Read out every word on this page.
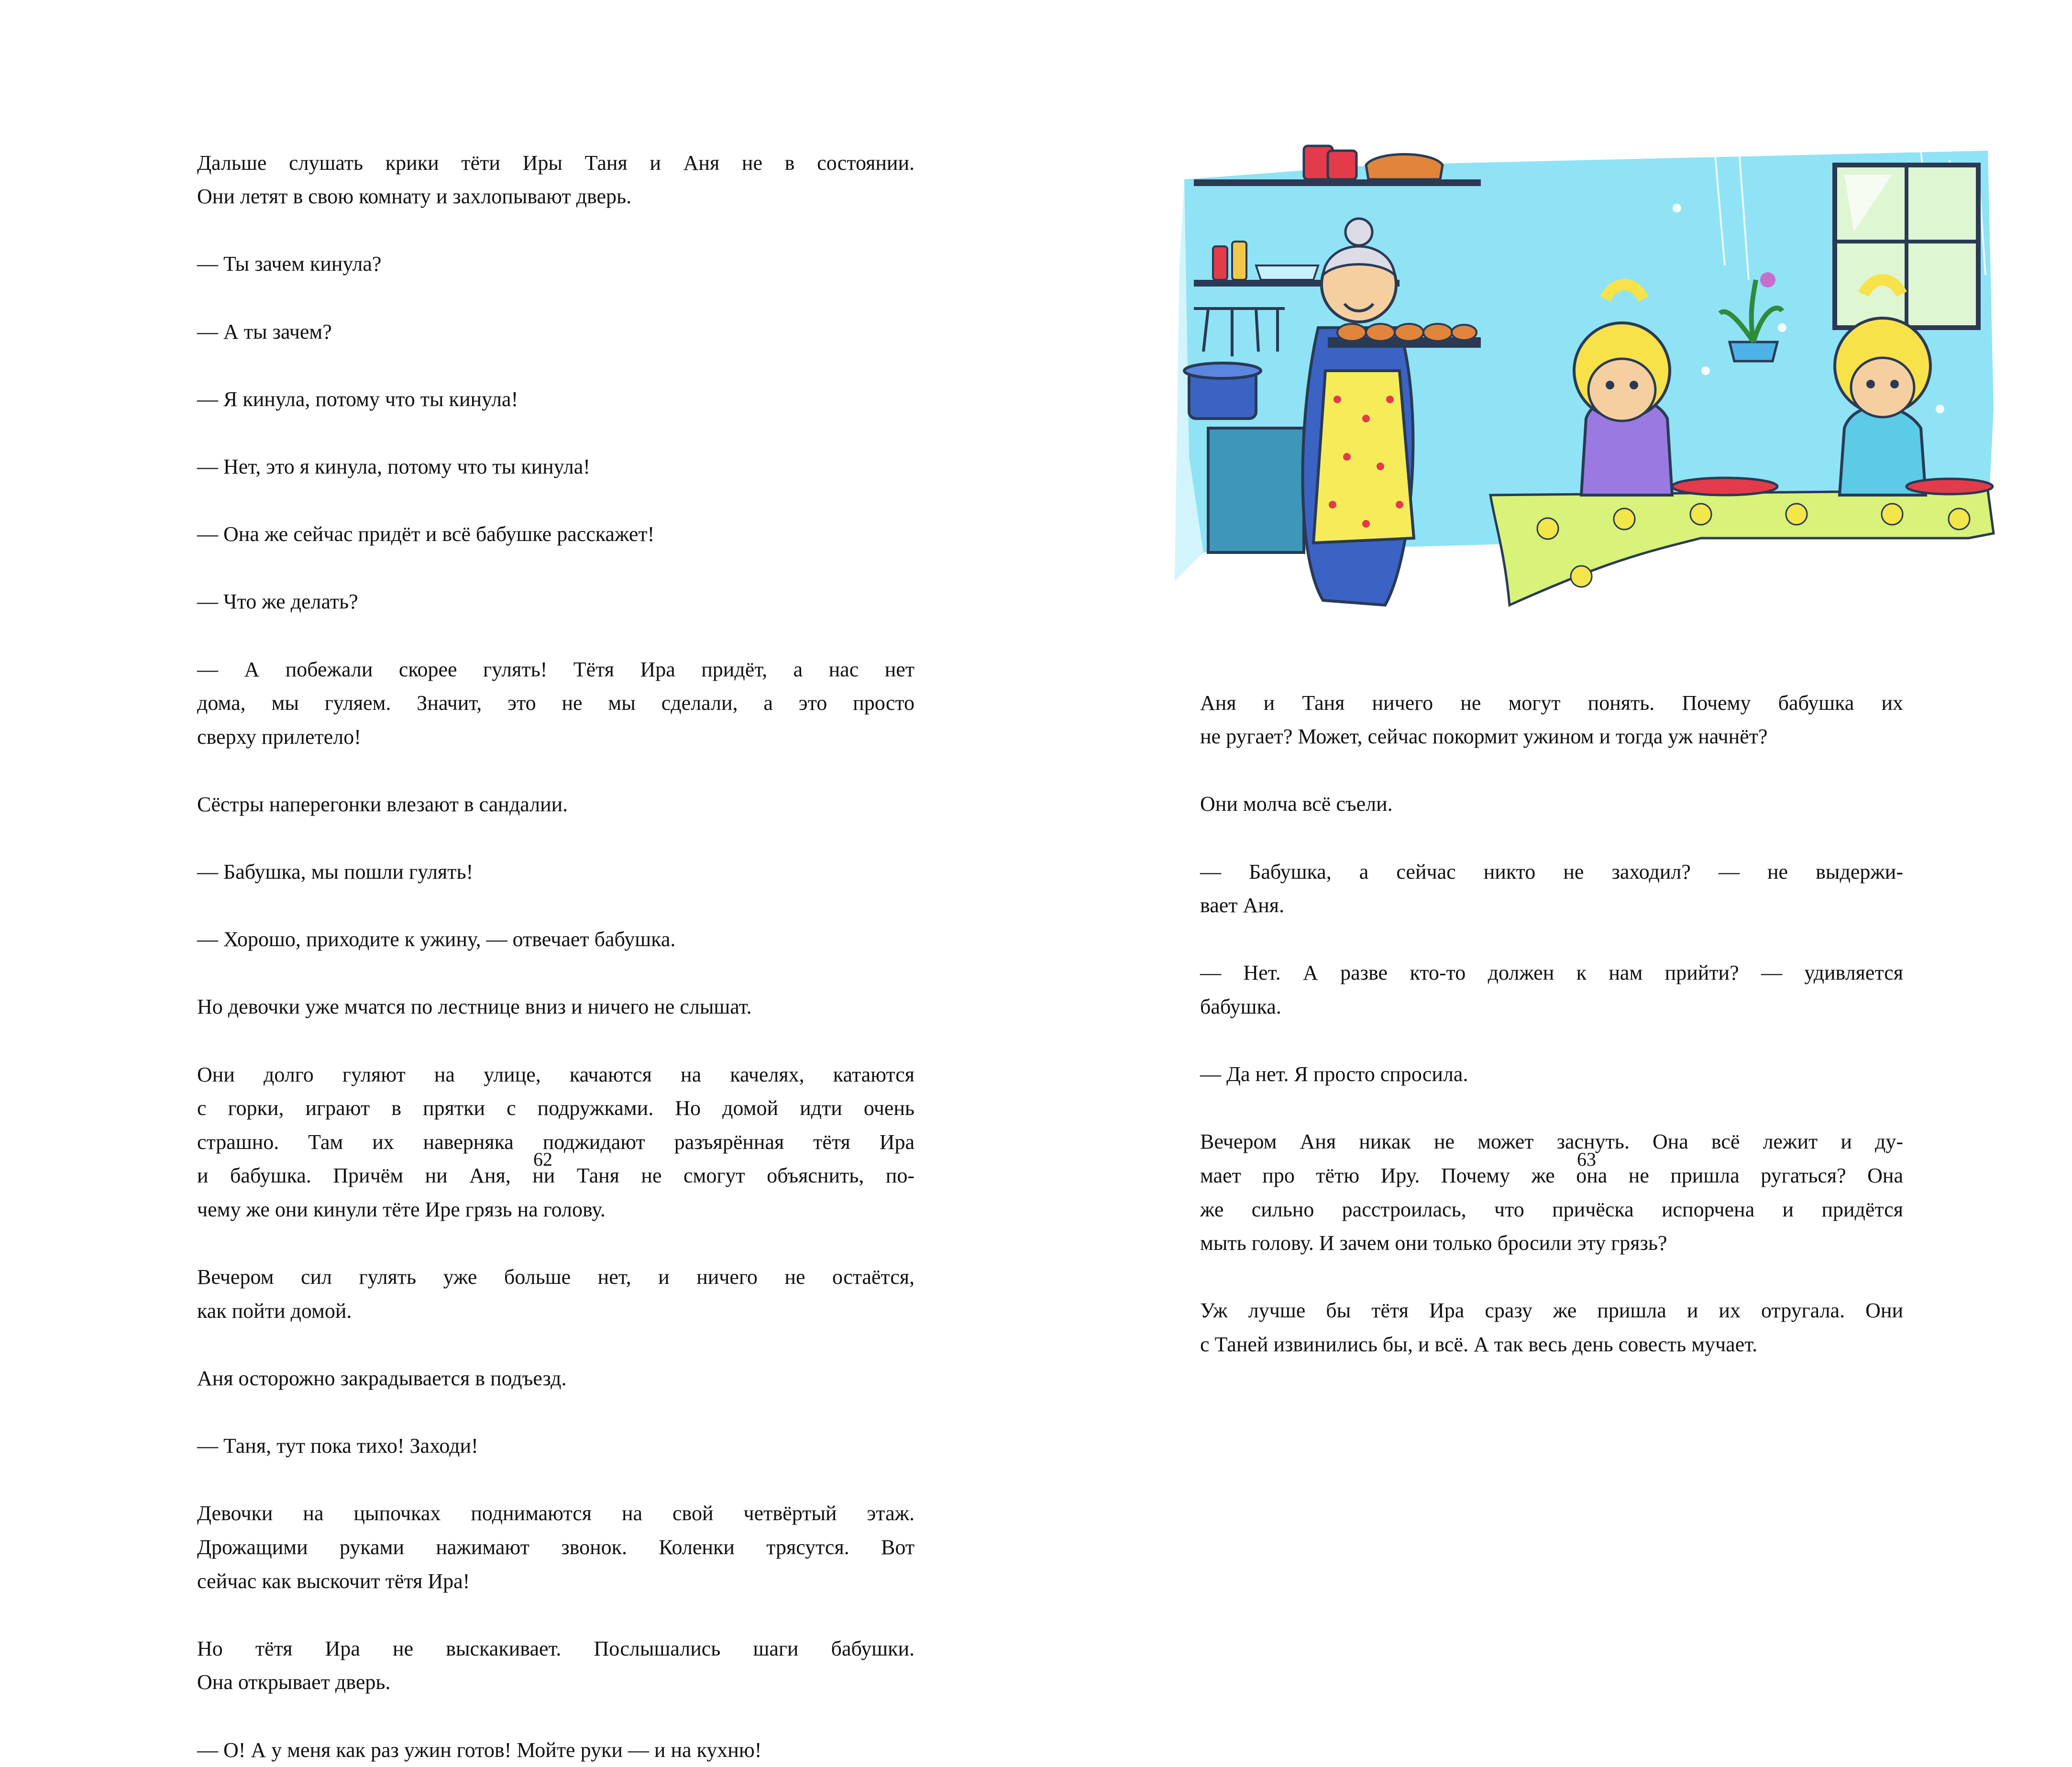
Дальше слушать крики тёти Иры Таня и Аня не в состоянии.
Они летят в свою комнату и захлопывают дверь.
— Ты зачем кинула?
— А ты зачем?
— Я кинула, потому что ты кинула!
— Нет, это я кинула, потому что ты кинула!
— Она же сейчас придёт и всё бабушке расскажет!
— Что же делать?
— А побежали скорее гулять! Тётя Ира придёт, а нас нет
дома, мы гуляем. Значит, это не мы сделали, а это просто
сверху прилетело!
Сёстры наперегонки влезают в сандалии.
— Бабушка, мы пошли гулять!
— Хорошо, приходите к ужину, — отвечает бабушка.
Но девочки уже мчатся по лестнице вниз и ничего не слышат.
Они долго гуляют на улице, качаются на качелях, катаются
с горки, играют в прятки с подружками. Но домой идти очень
страшно. Там их наверняка поджидают разъярённая тётя Ира
и бабушка. Причём ни Аня, ни Таня не смогут объяснить, по-
чему же они кинули тёте Ире грязь на голову.
Вечером сил гулять уже больше нет, и ничего не остаётся,
как пойти домой.
Аня осторожно закрадывается в подъезд.
— Таня, тут пока тихо! Заходи!
Девочки на цыпочках поднимаются на свой четвёртый этаж.
Дрожащими руками нажимают звонок. Коленки трясутся. Вот
сейчас как выскочит тётя Ира!
Но тётя Ира не выскакивает. Послышались шаги бабушки.
Она открывает дверь.
— О! А у меня как раз ужин готов! Мойте руки — и на кухню!
62
Аня и Таня ничего не могут понять. Почему бабушка их
не ругает? Может, сейчас покормит ужином и тогда уж начнёт?
Они молча всё съели.
— Бабушка, а сейчас никто не заходил? — не выдержи-
вает Аня.
— Нет. А разве кто-то должен к нам прийти? — удивляется
бабушка.
— Да нет. Я просто спросила.
Вечером Аня никак не может заснуть. Она всё лежит и ду-
мает про тётю Иру. Почему же она не пришла ругаться? Она
же сильно расстроилась, что причёска испорчена и придётся
мыть голову. И зачем они только бросили эту грязь?
Уж лучше бы тётя Ира сразу же пришла и их отругала. Они
с Таней извинились бы, и всё. А так весь день совесть мучает.
63
